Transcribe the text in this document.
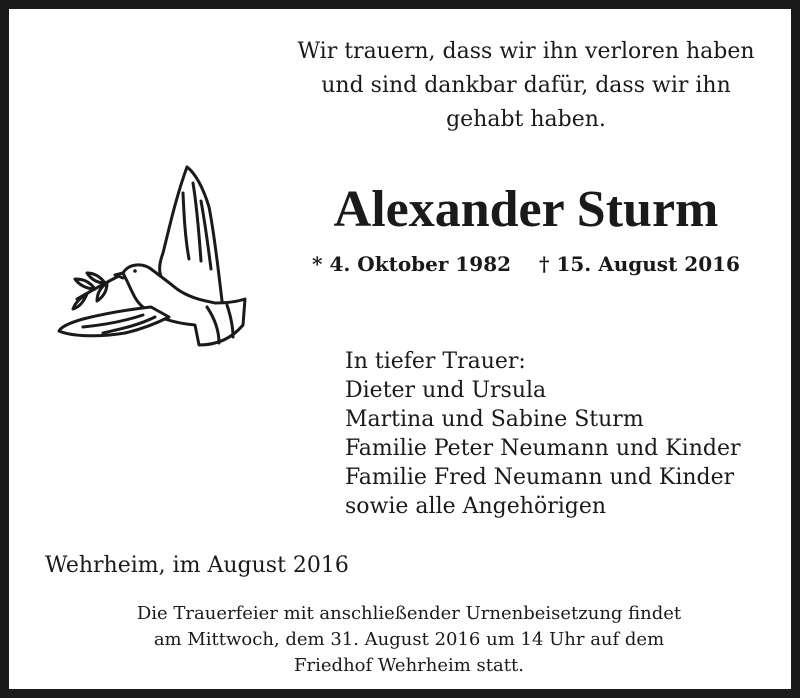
Wir trauern, dass wir ihn verloren haben
und sind dankbar dafür, dass wir ihn
gehabt haben.
Alexander Sturm
* 4. Oktober 1982 † 15. August 2016
In tiefer Trauer:
Dieter und Ursula
Martina und Sabine Sturm
Familie Peter Neumann und Kinder
Familie Fred Neumann und Kinder
sowie alle Angehörigen
Wehrheim, im August 2016
Die Trauerfeier mit anschließender Urnenbeisetzung findet
am Mittwoch, dem 31. August 2016 um 14 Uhr auf dem
Friedhof Wehrheim statt.
